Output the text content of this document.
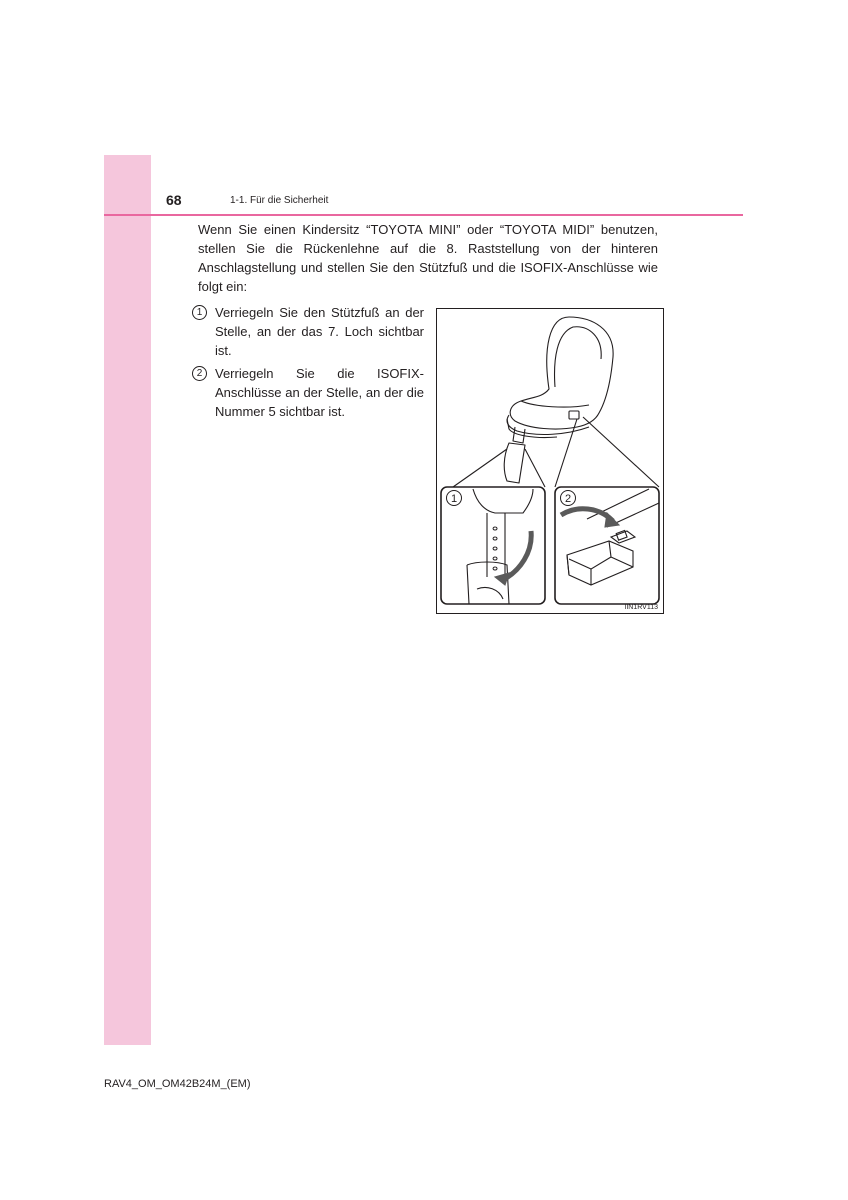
68	1-1. Für die Sicherheit

Wenn Sie einen Kindersitz “TOYOTA MINI” oder “TOYOTA MIDI” benutzen, stellen Sie die Rückenlehne auf die 8. Raststellung von der hinteren Anschlagstellung und stellen Sie den Stützfuß und die ISOFIX-Anschlüsse wie folgt ein:

1 Verriegeln Sie den Stützfuß an der Stelle, an der das 7. Loch sichtbar ist.
2 Verriegeln Sie die ISOFIX-Anschlüsse an der Stelle, an der die Nummer 5 sichtbar ist.
1	2
IIN1RV113
RAV4_OM_OM42B24M_(EM)
